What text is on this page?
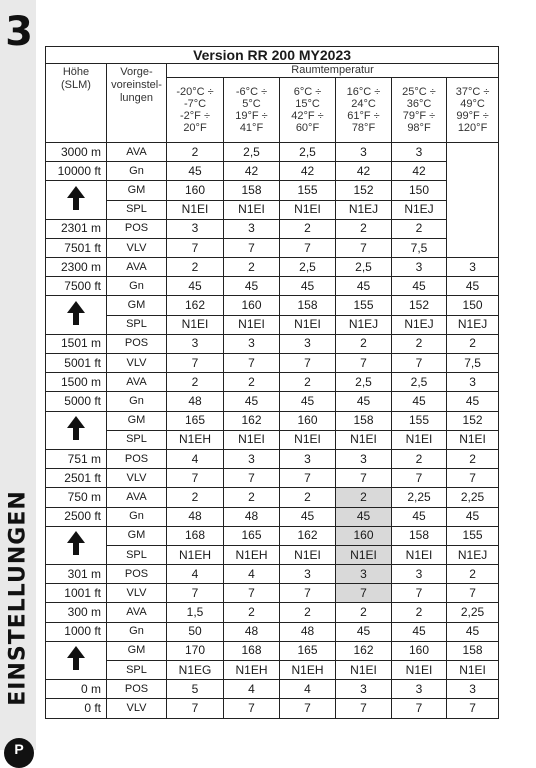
3
EINSTELLUNGEN
P
Version RR 200 MY2023							
Höhe
(SLM)	Vorge-
voreinstel-
lungen	Raumtemperatur					
		-20°C ÷
-7°C
-2°F ÷
20°F	-6°C ÷
5°C
19°F ÷
41°F	6°C ÷
15°C
42°F ÷
60°F	16°C ÷
24°C
61°F ÷
78°F	25°C ÷
36°C
79°F ÷
98°F	37°C ÷
49°C
99°F ÷
120°F
3000 m	AVA	2	2,5	2,5	3	3	
10000 ft	Gn	45	42	42	42	42	
	GM	160	158	155	152	150	
	SPL	N1EI	N1EI	N1EI	N1EJ	N1EJ	
2301 m	POS	3	3	2	2	2	
7501 ft	VLV	7	7	7	7	7,5	
2300 m	AVA	2	2	2,5	2,5	3	3
7500 ft	Gn	45	45	45	45	45	45
	GM	162	160	158	155	152	150
	SPL	N1EI	N1EI	N1EI	N1EJ	N1EJ	N1EJ
1501 m	POS	3	3	3	2	2	2
5001 ft	VLV	7	7	7	7	7	7,5
1500 m	AVA	2	2	2	2,5	2,5	3
5000 ft	Gn	48	45	45	45	45	45
	GM	165	162	160	158	155	152
	SPL	N1EH	N1EI	N1EI	N1EI	N1EI	N1EI
751 m	POS	4	3	3	3	2	2
2501 ft	VLV	7	7	7	7	7	7
750 m	AVA	2	2	2	2	2,25	2,25
2500 ft	Gn	48	48	45	45	45	45
	GM	168	165	162	160	158	155
	SPL	N1EH	N1EH	N1EI	N1EI	N1EI	N1EJ
301 m	POS	4	4	3	3	3	2
1001 ft	VLV	7	7	7	7	7	7
300 m	AVA	1,5	2	2	2	2	2,25
1000 ft	Gn	50	48	48	45	45	45
	GM	170	168	165	162	160	158
	SPL	N1EG	N1EH	N1EH	N1EI	N1EI	N1EI
0 m	POS	5	4	4	3	3	3
0 ft	VLV	7	7	7	7	7	7
